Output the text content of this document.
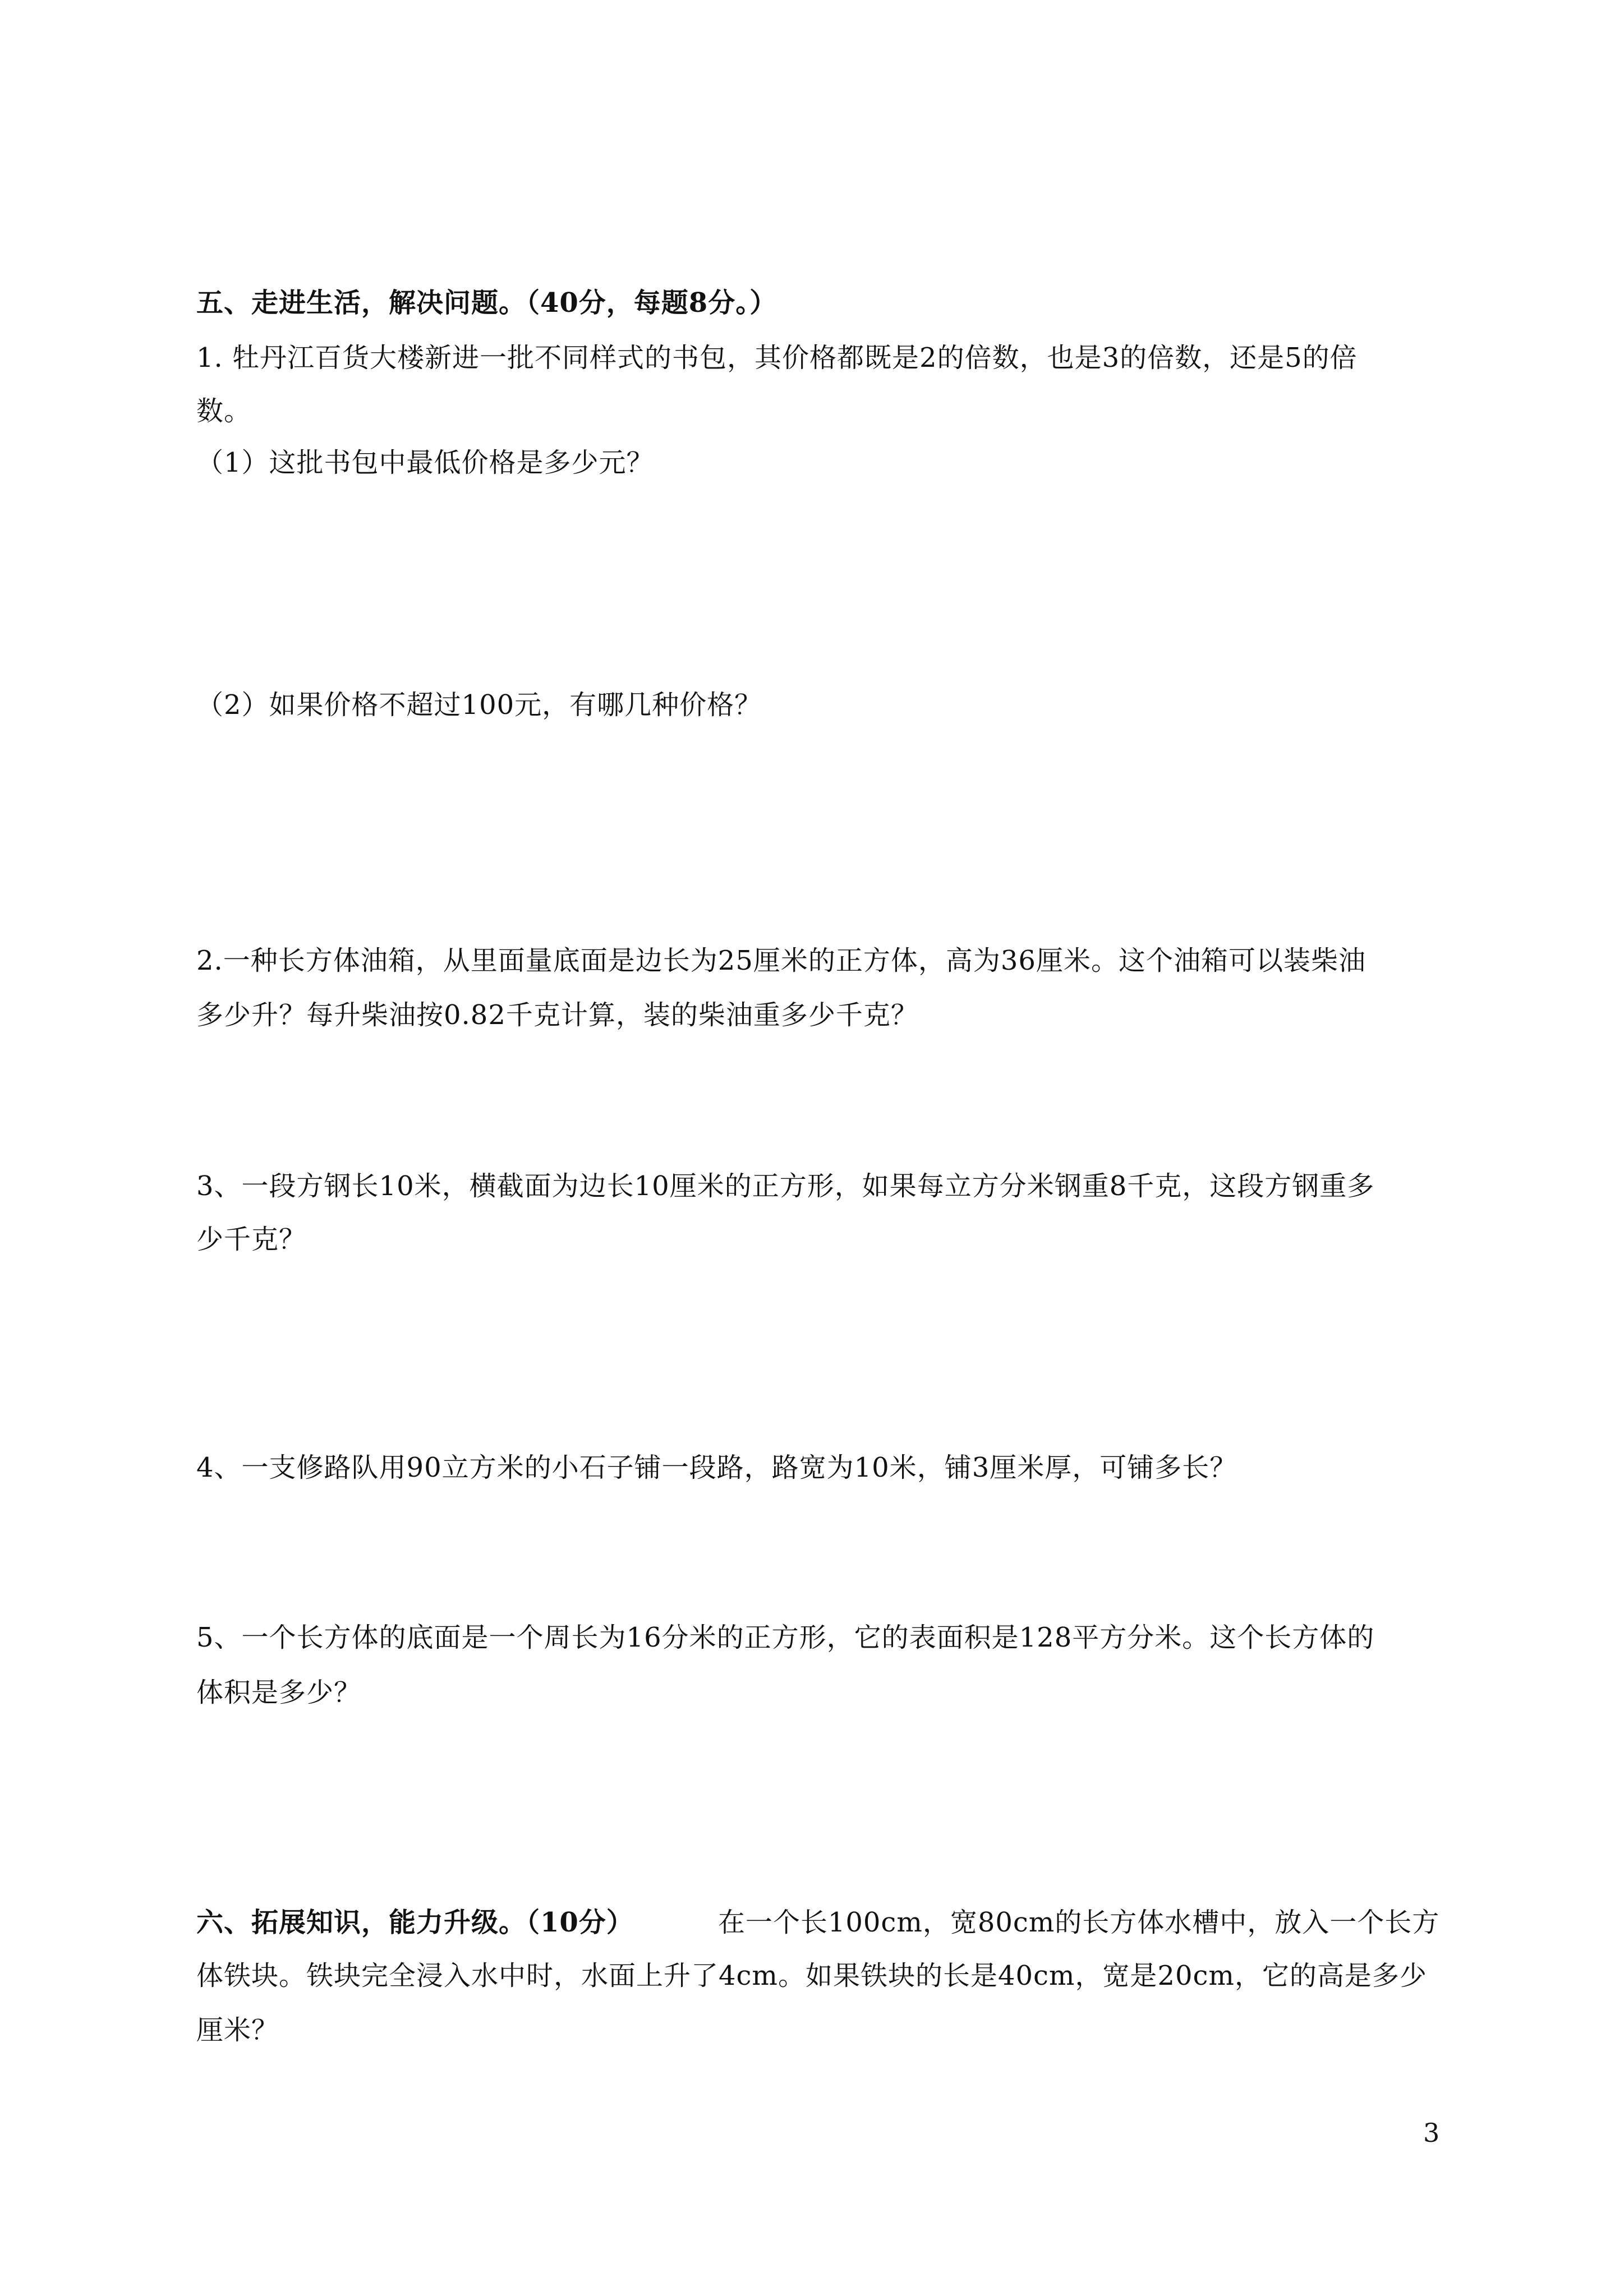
五、走进生活，解决问题。（40分，每题8分。）
1. 牡丹江百货大楼新进一批不同样式的书包，其价格都既是2的倍数，也是3的倍数，还是5的倍
数。
（1）这批书包中最低价格是多少元？
（2）如果价格不超过100元，有哪几种价格？
2.一种长方体油箱，从里面量底面是边长为25厘米的正方体，高为36厘米。这个油箱可以装柴油
多少升？每升柴油按0.82千克计算，装的柴油重多少千克？
3、一段方钢长10米，横截面为边长10厘米的正方形，如果每立方分米钢重8千克，这段方钢重多
少千克？
4、一支修路队用90立方米的小石子铺一段路，路宽为10米，铺3厘米厚，可铺多长？
5、一个长方体的底面是一个周长为16分米的正方形，它的表面积是128平方分米。这个长方体的
体积是多少？
六、拓展知识，能力升级。（10分）	在一个长100cm，宽80cm的长方体水槽中，放入一个长方
体铁块。铁块完全浸入水中时，水面上升了4cm。如果铁块的长是40cm，宽是20cm，它的高是多少
厘米？
3
